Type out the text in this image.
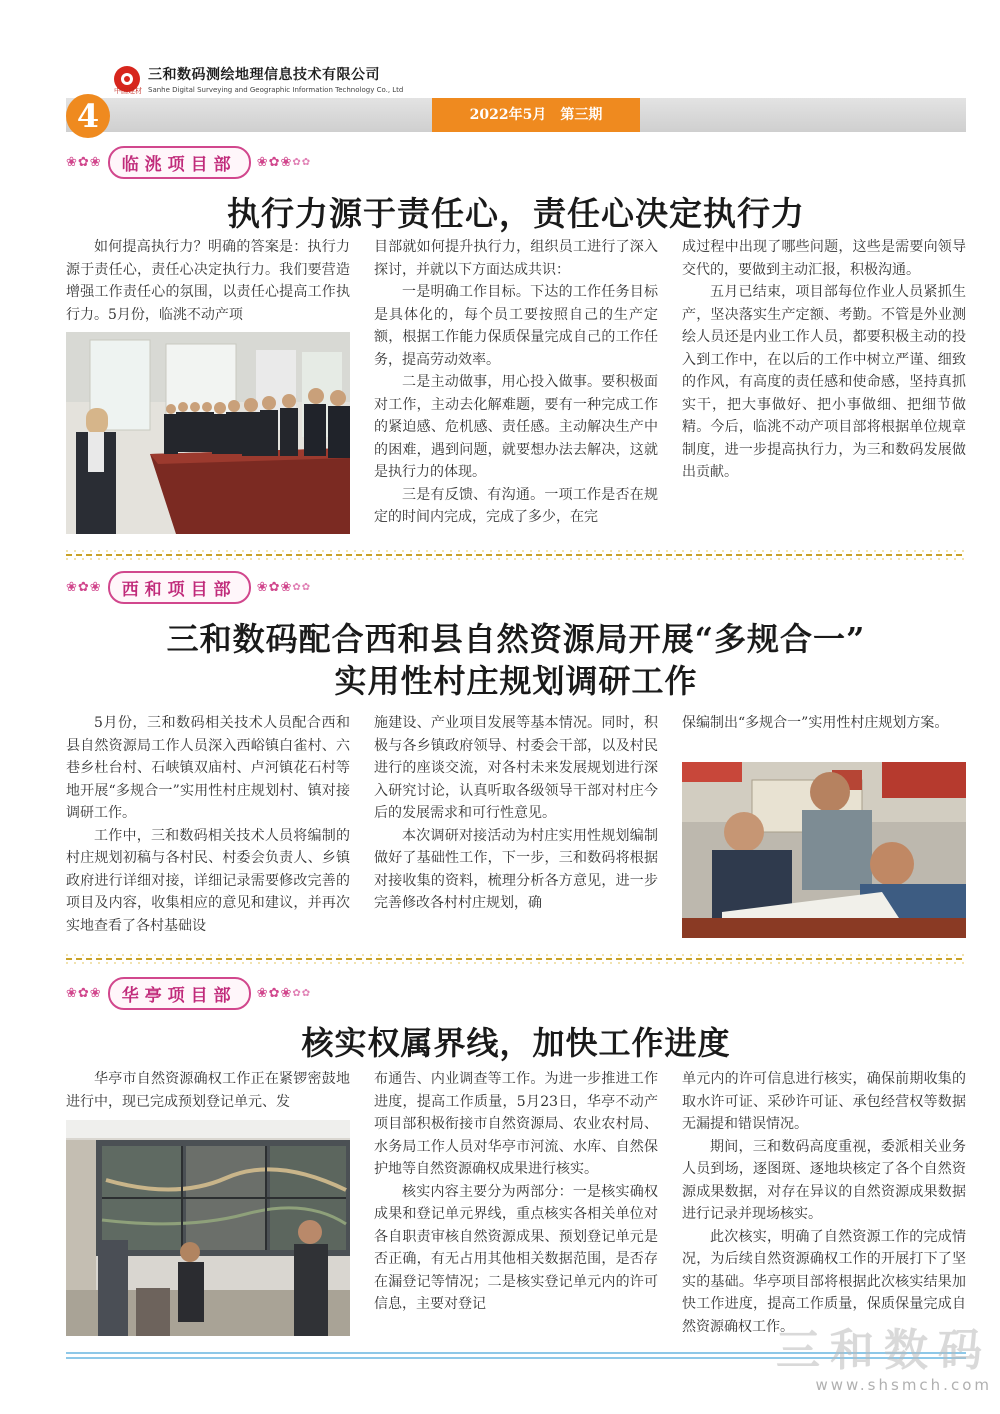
三和数码测绘地理信息技术有限公司
Sanhe Digital Surveying and Geographic Information Technology Co., Ltd
中国建材
4	2022年5月　第三期
❀✿❀	临洮项目部	❀✿❀ ✿✿
执行力源于责任心，责任心决定执行力

如何提高执行力？明确的答案是：执行力源于责任心，责任心决定执行力。我们要营造增强工作责任心的氛围，以责任心提高工作执行力。5月份，临洮不动产项

目部就如何提升执行力，组织员工进行了深入探讨，并就以下方面达成共识：

一是明确工作目标。下达的工作任务目标是具体化的，每个员工要按照自己的生产定额，根据工作能力保质保量完成自己的工作任务，提高劳动效率。

二是主动做事，用心投入做事。要积极面对工作，主动去化解难题，要有一种完成工作的紧迫感、危机感、责任感。主动解决生产中的困难，遇到问题，就要想办法去解决，这就是执行力的体现。

三是有反馈、有沟通。一项工作是否在规定的时间内完成，完成了多少，在完

成过程中出现了哪些问题，这些是需要向领导交代的，要做到主动汇报，积极沟通。

五月已结束，项目部每位作业人员紧抓生产，坚决落实生产定额、考勤。不管是外业测绘人员还是内业工作人员，都要积极主动的投入到工作中，在以后的工作中树立严谨、细致的作风，有高度的责任感和使命感，坚持真抓实干，把大事做好、把小事做细、把细节做精。今后，临洮不动产项目部将根据单位规章制度，进一步提高执行力，为三和数码发展做出贡献。

❀✿❀	西和项目部	❀✿❀ ✿✿
三和数码配合西和县自然资源局开展“多规合一”
实用性村庄规划调研工作

5月份，三和数码相关技术人员配合西和县自然资源局工作人员深入西峪镇白雀村、六巷乡杜台村、石峡镇双庙村、卢河镇花石村等地开展“多规合一”实用性村庄规划村、镇对接调研工作。

工作中，三和数码相关技术人员将编制的村庄规划初稿与各村民、村委会负责人、乡镇政府进行详细对接，详细记录需要修改完善的项目及内容，收集相应的意见和建议，并再次实地查看了各村基础设

施建设、产业项目发展等基本情况。同时，积极与各乡镇政府领导、村委会干部，以及村民进行的座谈交流，对各村未来发展规划进行深入研究讨论，认真听取各级领导干部对村庄今后的发展需求和可行性意见。

本次调研对接活动为村庄实用性规划编制做好了基础性工作，下一步，三和数码将根据对接收集的资料，梳理分析各方意见，进一步完善修改各村村庄规划，确

保编制出“多规合一”实用性村庄规划方案。

❀✿❀	华亭项目部	❀✿❀ ✿✿
核实权属界线，加快工作进度

华亭市自然资源确权工作正在紧锣密鼓地进行中，现已完成预划登记单元、发

布通告、内业调查等工作。为进一步推进工作进度，提高工作质量，5月23日，华亭不动产项目部积极衔接市自然资源局、农业农村局、水务局工作人员对华亭市河流、水库、自然保护地等自然资源确权成果进行核实。

核实内容主要分为两部分：一是核实确权成果和登记单元界线，重点核实各相关单位对各自职责审核自然资源成果、预划登记单元是否正确，有无占用其他相关数据范围，是否存在漏登记等情况；二是核实登记单元内的许可信息，主要对登记

单元内的许可信息进行核实，确保前期收集的取水许可证、采砂许可证、承包经营权等数据无漏提和错误情况。

期间，三和数码高度重视，委派相关业务人员到场，逐图斑、逐地块核定了各个自然资源成果数据，对存在异议的自然资源成果数据进行记录并现场核实。

此次核实，明确了自然资源工作的完成情况，为后续自然资源确权工作的开展打下了坚实的基础。华亭项目部将根据此次核实结果加快工作进度，提高工作质量，保质保量完成自然资源确权工作。

三和数码
www.shsmch.com
